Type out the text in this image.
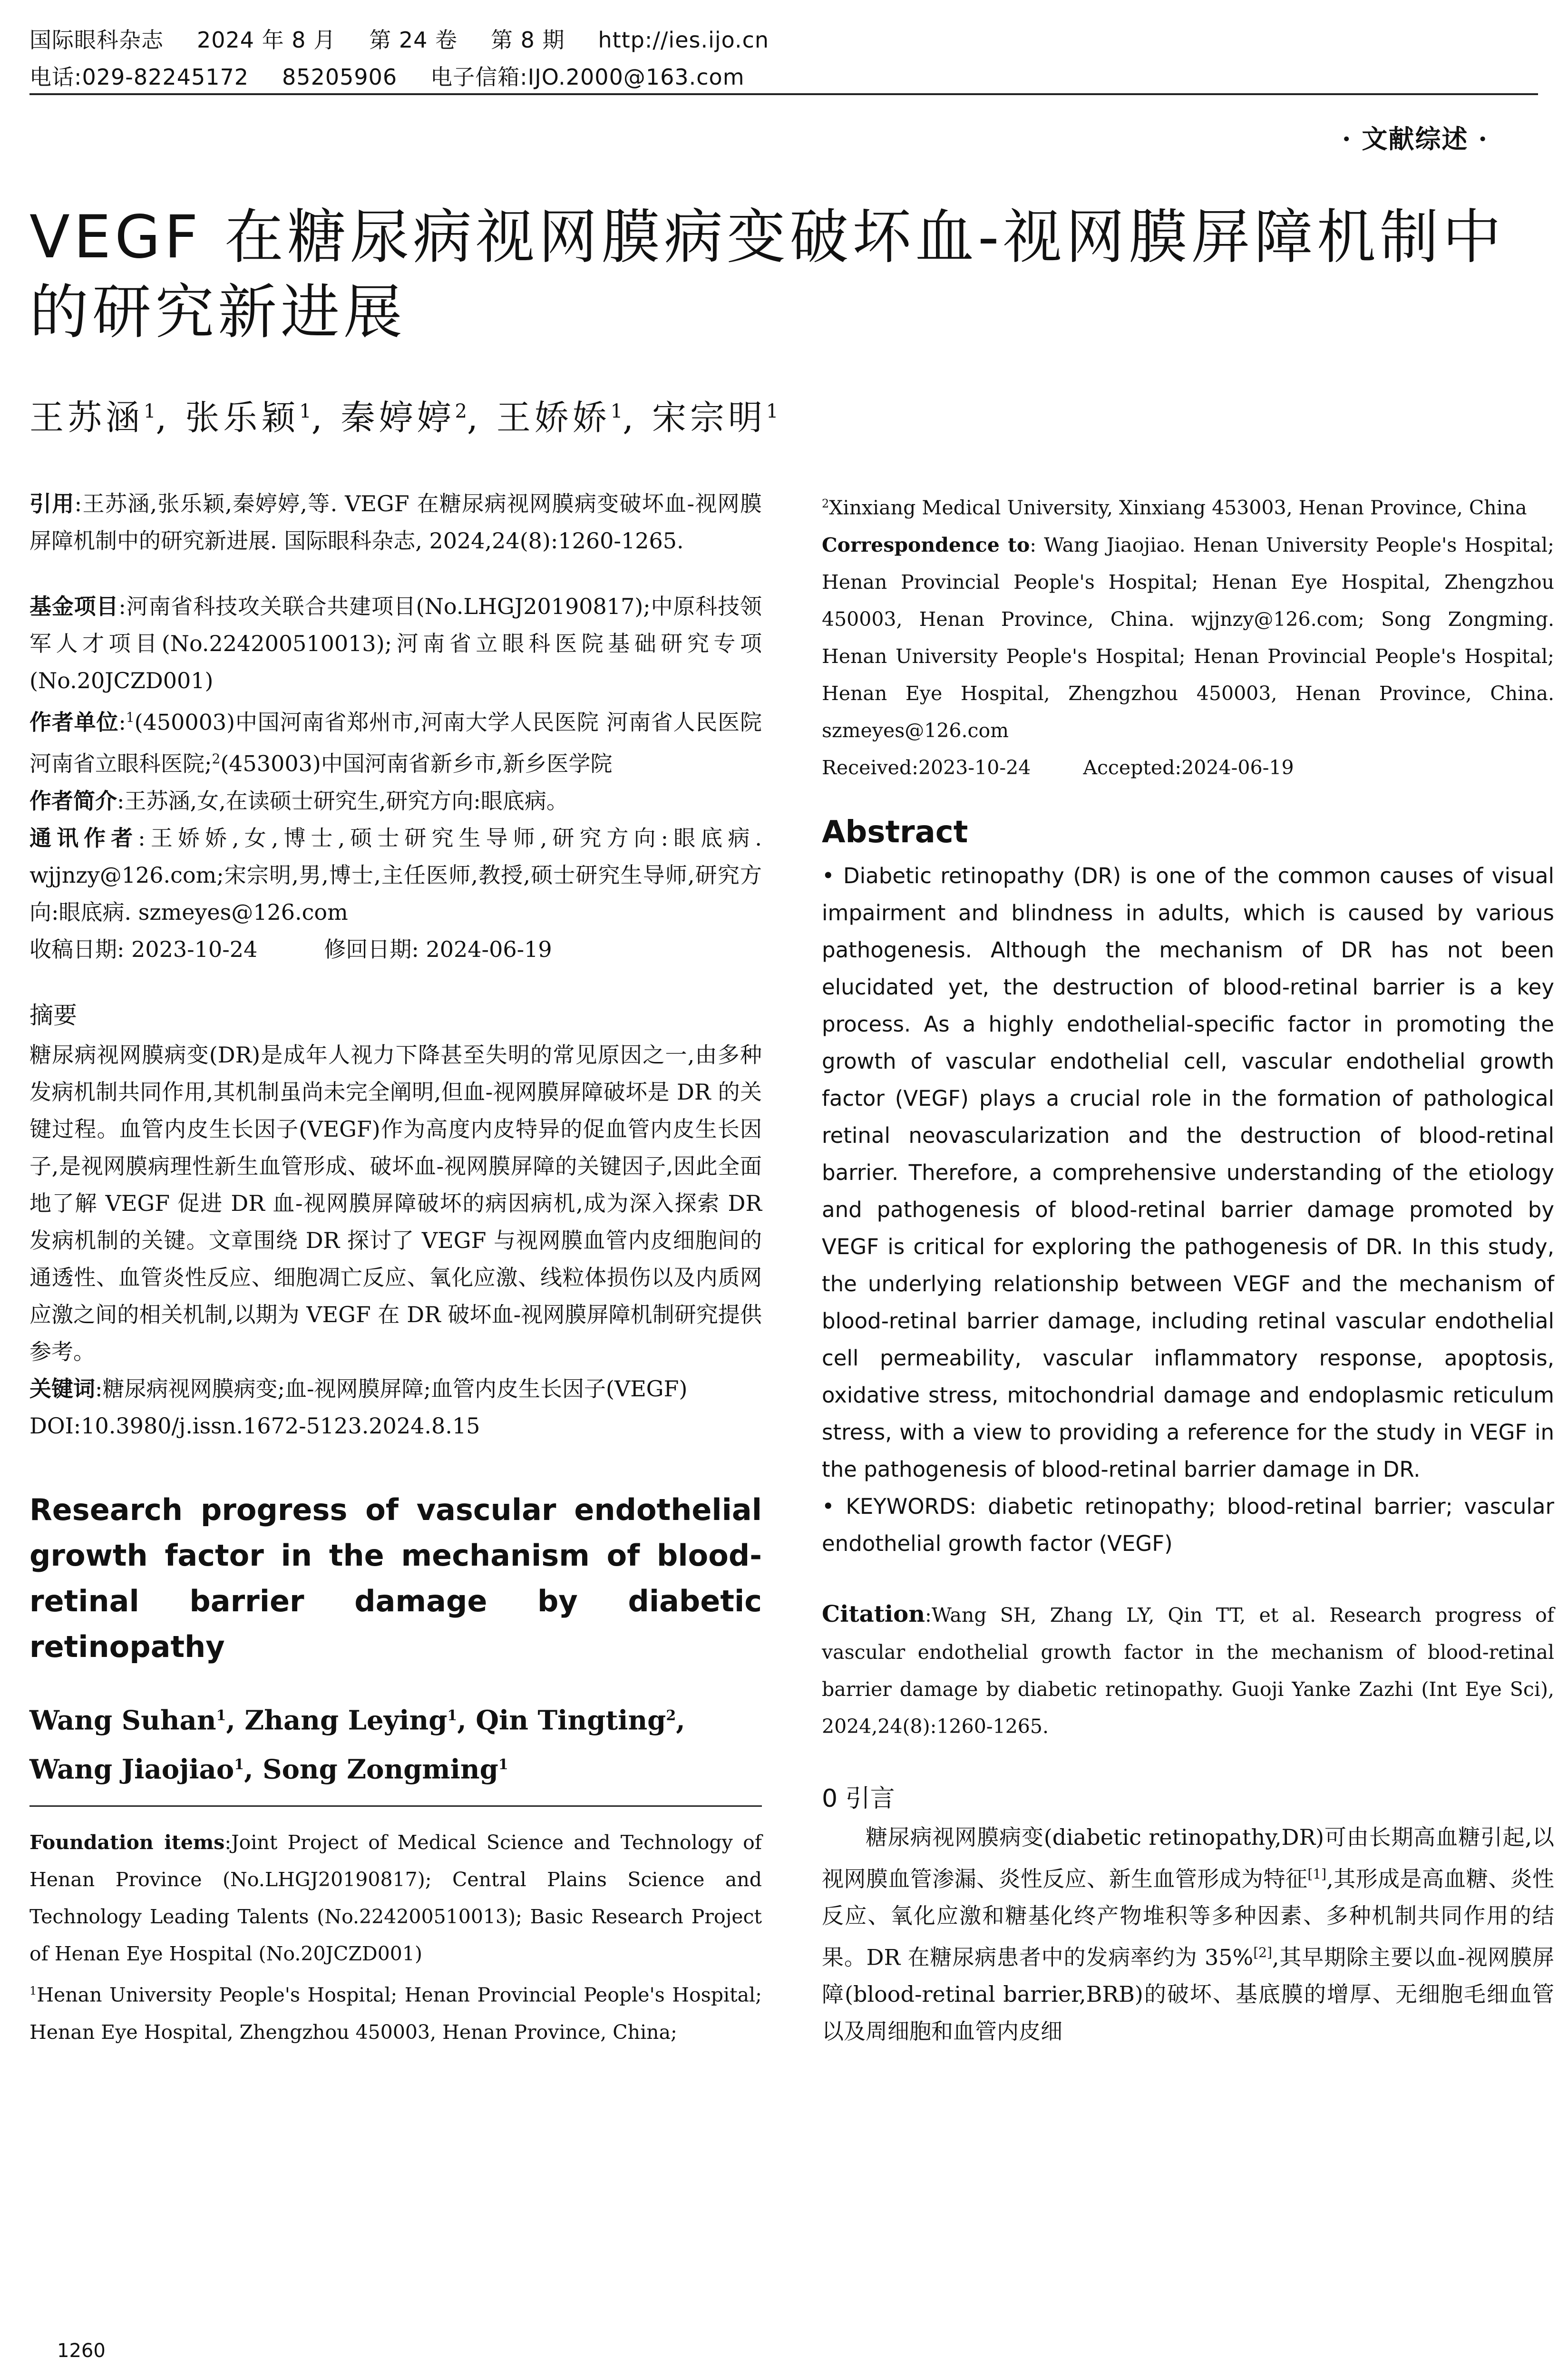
国际眼科杂志 2024 年 8 月 第 24 卷 第 8 期 http://ies.ijo.cn
电话:029-82245172 85205906 电子信箱:IJO.2000@163.com
· 文献综述 ·
VEGF 在糖尿病视网膜病变破坏血-视网膜屏障机制中的研究新进展
王苏涵$^1$, 张乐颖$^1$, 秦婷婷$^2$, 王娇娇$^1$, 宋宗明$^1$

引用:王苏涵,张乐颖,秦婷婷,等. VEGF 在糖尿病视网膜病变破坏血-视网膜屏障机制中的研究新进展. 国际眼科杂志, 2024,24(8):1260-1265.

基金项目:河南省科技攻关联合共建项目(No.LHGJ20190817);中原科技领军人才项目(No.224200510013);河南省立眼科医院基础研究专项(No.20JCZD001)

作者单位:$^1$(450003)中国河南省郑州市,河南大学人民医院 河南省人民医院 河南省立眼科医院;$^2$(453003)中国河南省新乡市,新乡医学院

作者简介:王苏涵,女,在读硕士研究生,研究方向:眼底病。

通讯作者:王娇娇,女,博士,硕士研究生导师,研究方向:眼底病. wjjnzy@126.com;宋宗明,男,博士,主任医师,教授,硕士研究生导师,研究方向:眼底病. szmeyes@126.com

收稿日期: 2023-10-24	修回日期: 2024-06-19

摘要

糖尿病视网膜病变(DR)是成年人视力下降甚至失明的常见原因之一,由多种发病机制共同作用,其机制虽尚未完全阐明,但血-视网膜屏障破坏是 DR 的关键过程。血管内皮生长因子(VEGF)作为高度内皮特异的促血管内皮生长因子,是视网膜病理性新生血管形成、破坏血-视网膜屏障的关键因子,因此全面地了解 VEGF 促进 DR 血-视网膜屏障破坏的病因病机,成为深入探索 DR 发病机制的关键。文章围绕 DR 探讨了 VEGF 与视网膜血管内皮细胞间的通透性、血管炎性反应、细胞凋亡反应、氧化应激、线粒体损伤以及内质网应激之间的相关机制,以期为 VEGF 在 DR 破坏血-视网膜屏障机制研究提供参考。

关键词:糖尿病视网膜病变;血-视网膜屏障;血管内皮生长因子(VEGF)

DOI:10.3980/j.issn.1672-5123.2024.8.15

Research progress of vascular endothelial growth factor in the mechanism of blood-retinal barrier damage by diabetic retinopathy

Wang Suhan$^1$, Zhang Leying$^1$, Qin Tingting$^2$, Wang Jiaojiao$^1$, Song Zongming$^1$

Foundation items:Joint Project of Medical Science and Technology of Henan Province (No.LHGJ20190817); Central Plains Science and Technology Leading Talents (No.224200510013); Basic Research Project of Henan Eye Hospital (No.20JCZD001)

$^1$Henan University People's Hospital; Henan Provincial People's Hospital; Henan Eye Hospital, Zhengzhou 450003, Henan Province, China;

$^2$Xinxiang Medical University, Xinxiang 453003, Henan Province, China

Correspondence to: Wang Jiaojiao. Henan University People's Hospital; Henan Provincial People's Hospital; Henan Eye Hospital, Zhengzhou 450003, Henan Province, China. wjjnzy@126.com; Song Zongming. Henan University People's Hospital; Henan Provincial People's Hospital; Henan Eye Hospital, Zhengzhou 450003, Henan Province, China. szmeyes@126.com

Received:2023-10-24	Accepted:2024-06-19

Abstract

• Diabetic retinopathy (DR) is one of the common causes of visual impairment and blindness in adults, which is caused by various pathogenesis. Although the mechanism of DR has not been elucidated yet, the destruction of blood-retinal barrier is a key process. As a highly endothelial-specific factor in promoting the growth of vascular endothelial cell, vascular endothelial growth factor (VEGF) plays a crucial role in the formation of pathological retinal neovascularization and the destruction of blood-retinal barrier. Therefore, a comprehensive understanding of the etiology and pathogenesis of blood-retinal barrier damage promoted by VEGF is critical for exploring the pathogenesis of DR. In this study, the underlying relationship between VEGF and the mechanism of blood-retinal barrier damage, including retinal vascular endothelial cell permeability, vascular inflammatory response, apoptosis, oxidative stress, mitochondrial damage and endoplasmic reticulum stress, with a view to providing a reference for the study in VEGF in the pathogenesis of blood-retinal barrier damage in DR.

• KEYWORDS: diabetic retinopathy; blood-retinal barrier; vascular endothelial growth factor (VEGF)

Citation:Wang SH, Zhang LY, Qin TT, et al. Research progress of vascular endothelial growth factor in the mechanism of blood-retinal barrier damage by diabetic retinopathy. Guoji Yanke Zazhi (Int Eye Sci), 2024,24(8):1260-1265.

0 引言

糖尿病视网膜病变(diabetic retinopathy,DR)可由长期高血糖引起,以视网膜血管渗漏、炎性反应、新生血管形成为特征[1],其形成是高血糖、炎性反应、氧化应激和糖基化终产物堆积等多种因素、多种机制共同作用的结果。DR 在糖尿病患者中的发病率约为 35%[2],其早期除主要以血-视网膜屏障(blood-retinal barrier,BRB)的破坏、基底膜的增厚、无细胞毛细血管以及周细胞和血管内皮细

1260
